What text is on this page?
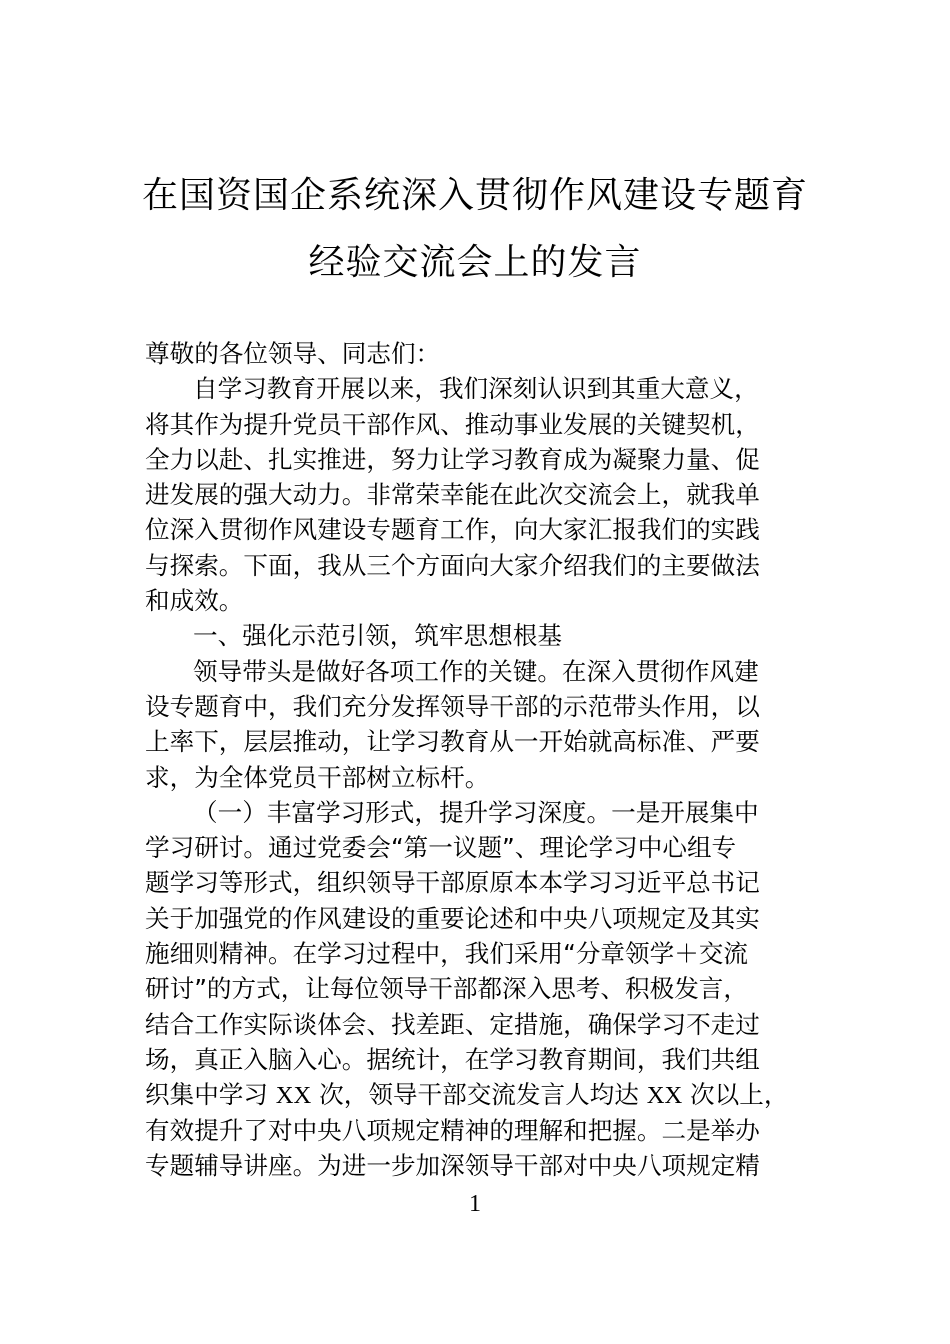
在国资国企系统深入贯彻作风建设专题育
经验交流会上的发言
尊敬的各位领导、同志们：
自学习教育开展以来，我们深刻认识到其重大意义，
将其作为提升党员干部作风、推动事业发展的关键契机，
全力以赴、扎实推进，努力让学习教育成为凝聚力量、促
进发展的强大动力。非常荣幸能在此次交流会上，就我单
位深入贯彻作风建设专题育工作，向大家汇报我们的实践
与探索。下面，我从三个方面向大家介绍我们的主要做法
和成效。
一、强化示范引领，筑牢思想根基
领导带头是做好各项工作的关键。在深入贯彻作风建
设专题育中，我们充分发挥领导干部的示范带头作用，以
上率下，层层推动，让学习教育从一开始就高标准、严要
求，为全体党员干部树立标杆。
（一）丰富学习形式，提升学习深度。一是开展集中
学习研讨。通过党委会“第一议题”、理论学习中心组专
题学习等形式，组织领导干部原原本本学习习近平总书记
关于加强党的作风建设的重要论述和中央八项规定及其实
施细则精神。在学习过程中，我们采用“分章领学＋交流
研讨”的方式，让每位领导干部都深入思考、积极发言，
结合工作实际谈体会、找差距、定措施，确保学习不走过
场，真正入脑入心。据统计，在学习教育期间，我们共组
织集中学习 XX 次，领导干部交流发言人均达 XX 次以上，
有效提升了对中央八项规定精神的理解和把握。二是举办
专题辅导讲座。为进一步加深领导干部对中央八项规定精
1
